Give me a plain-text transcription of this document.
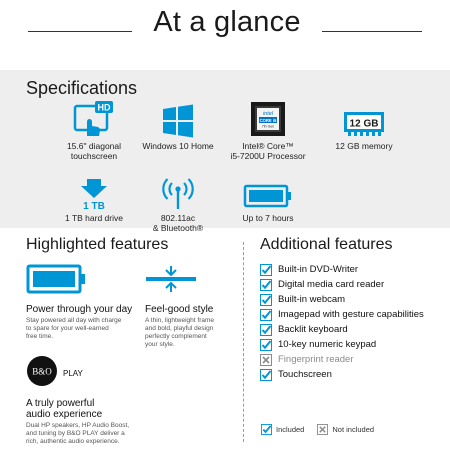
At a glance
Specifications
HD
15.6" diagonal
touchscreen
Windows 10 Home
intel
CORE i5
7th Gen
Intel® Core™
i5-7200U Processor
12 GB
12 GB memory
1 TB
1 TB hard drive	802.11ac
& Bluetooth®
Up to 7 hours
Highlighted features	Additional features
Power through your day
Stay powered all day with charge
to spare for your well-earned
free time.
Feel-good style
A thin, lightweight frame
and bold, playful design
perfectly complement
your style.
B&O PLAY
A truly powerful
audio experience
Dual HP speakers, HP Audio Boost,
and tuning by B&O PLAY deliver a
rich, authentic audio experience.
Built-in DVD-Writer
Digital media card reader
Built-in webcam
Imagepad with gesture capabilities
Backlit keyboard
10-key numeric keypad
Fingerprint reader
Touchscreen
Included	Not included
